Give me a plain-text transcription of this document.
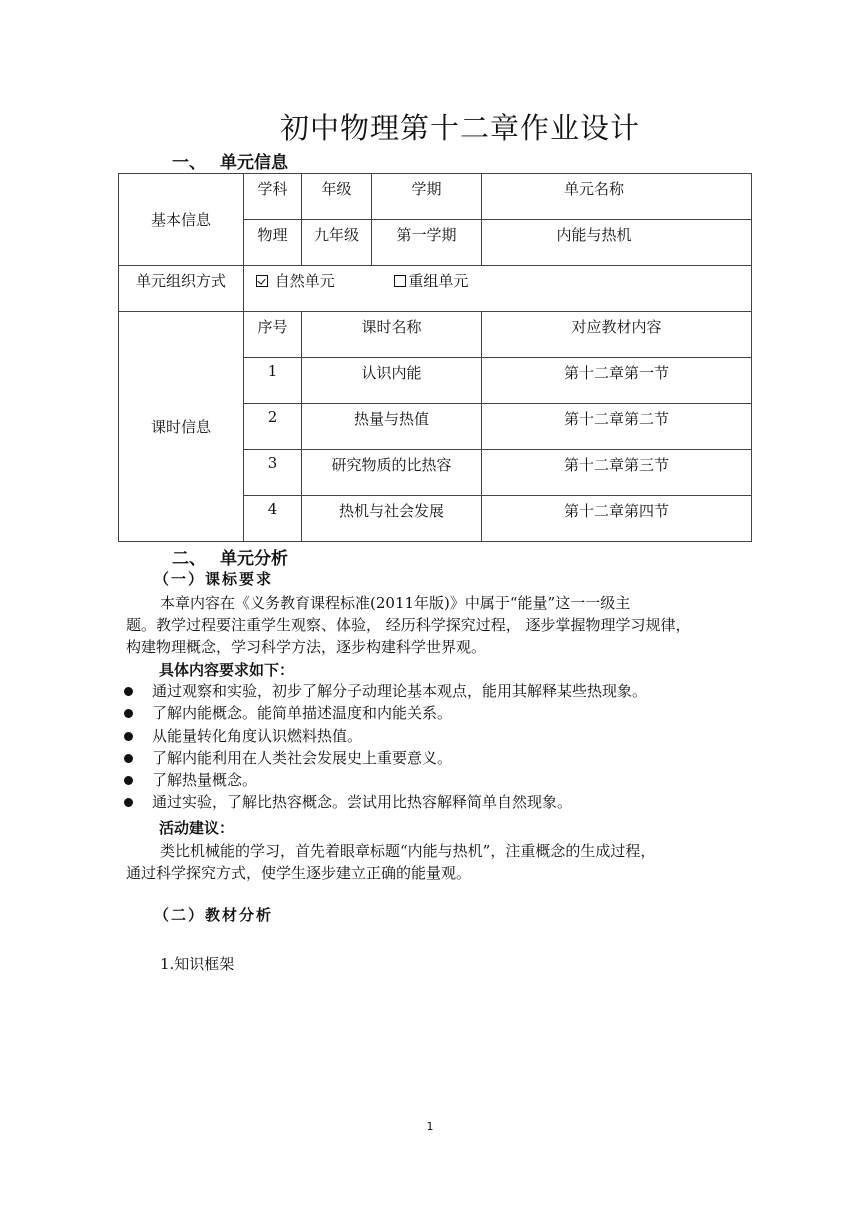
初中物理第十二章作业设计
一、 单元信息
基本信息	学科	年级	学期	单元名称

	物理	九年级	第一学期	内能与热机

单元组织方式	自然单元 重组单元			

课时信息	序号	课时名称		对应教材内容

	1	认识内能		第十二章第一节

	2	热量与热值		第十二章第二节

	3	研究物质的比热容		第十二章第三节

	4	热机与社会发展		第十二章第四节
二、 单元分析
（一）课标要求
本章内容在《义务教育课程标准(2011年版)》中属于“能量”这一一级主
题。教学过程要注重学生观察、体验， 经历科学探究过程， 逐步掌握物理学习规律，
构建物理概念，学习科学方法，逐步构建科学世界观。
具体内容要求如下：
通过观察和实验，初步了解分子动理论基本观点，能用其解释某些热现象。
了解内能概念。能简单描述温度和内能关系。
从能量转化角度认识燃料热值。
了解内能利用在人类社会发展史上重要意义。
了解热量概念。
通过实验，了解比热容概念。尝试用比热容解释简单自然现象。
活动建议：
类比机械能的学习，首先着眼章标题“内能与热机”，注重概念的生成过程，
通过科学探究方式，使学生逐步建立正确的能量观。
（二）教材分析
1.知识框架
1
